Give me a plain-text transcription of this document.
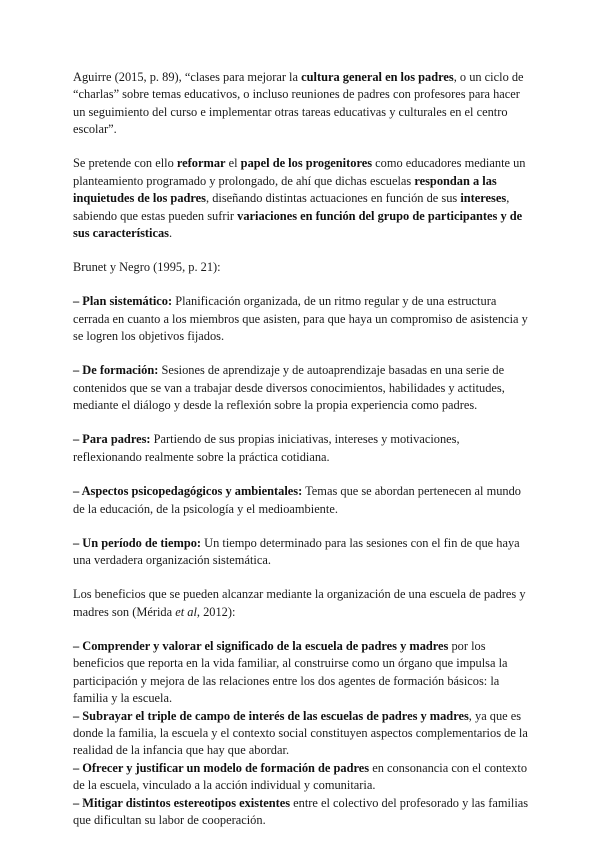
Aguirre (2015, p. 89), “clases para mejorar la cultura general en los padres, o un ciclo de “charlas” sobre temas educativos, o incluso reuniones de padres con profesores para hacer un seguimiento del curso e implementar otras tareas educativas y culturales en el centro escolar”.

Se pretende con ello reformar el papel de los progenitores como educadores mediante un planteamiento programado y prolongado, de ahí que dichas escuelas respondan a las inquietudes de los padres, diseñando distintas actuaciones en función de sus intereses, sabiendo que estas pueden sufrir variaciones en función del grupo de participantes y de sus características.

Brunet y Negro (1995, p. 21):

– Plan sistemático: Planificación organizada, de un ritmo regular y de una estructura cerrada en cuanto a los miembros que asisten, para que haya un compromiso de asistencia y se logren los objetivos fijados.

– De formación: Sesiones de aprendizaje y de autoaprendizaje basadas en una serie de contenidos que se van a trabajar desde diversos conocimientos, habilidades y actitudes, mediante el diálogo y desde la reflexión sobre la propia experiencia como padres.

– Para padres: Partiendo de sus propias iniciativas, intereses y motivaciones, reflexionando realmente sobre la práctica cotidiana.

– Aspectos psicopedagógicos y ambientales: Temas que se abordan pertenecen al mundo de la educación, de la psicología y el medioambiente.

– Un período de tiempo: Un tiempo determinado para las sesiones con el fin de que haya una verdadera organización sistemática.

Los beneficios que se pueden alcanzar mediante la organización de una escuela de padres y madres son (Mérida et al, 2012):

– Comprender y valorar el significado de la escuela de padres y madres por los beneficios que reporta en la vida familiar, al construirse como un órgano que impulsa la participación y mejora de las relaciones entre los dos agentes de formación básicos: la familia y la escuela.

– Subrayar el triple de campo de interés de las escuelas de padres y madres, ya que es donde la familia, la escuela y el contexto social constituyen aspectos complementarios de la realidad de la infancia que hay que abordar.

– Ofrecer y justificar un modelo de formación de padres en consonancia con el contexto de la escuela, vinculado a la acción individual y comunitaria.

– Mitigar distintos estereotipos existentes entre el colectivo del profesorado y las familias que dificultan su labor de cooperación.
